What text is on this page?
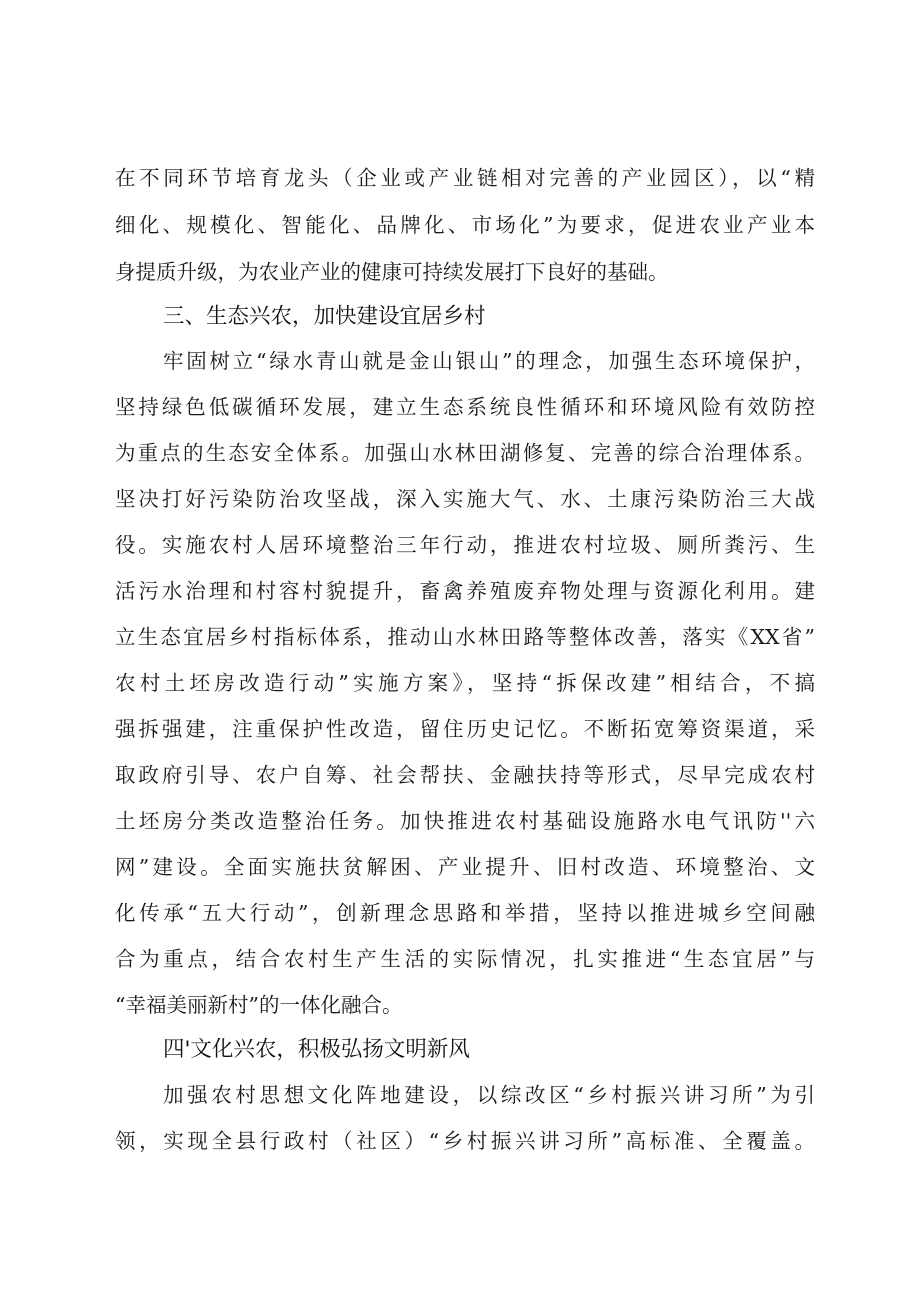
在不同环节培育龙头（企业或产业链相对完善的产业园区），以“精
细化、规模化、智能化、品牌化、市场化”为要求，促进农业产业本
身提质升级，为农业产业的健康可持续发展打下良好的基础。
三、生态兴农，加快建设宜居乡村
牢固树立“绿水青山就是金山银山”的理念，加强生态环境保护，
坚持绿色低碳循环发展，建立生态系统良性循环和环境风险有效防控
为重点的生态安全体系。加强山水林田湖修复、完善的综合治理体系。
坚决打好污染防治攻坚战，深入实施大气、水、土康污染防治三大战
役。实施农村人居环境整治三年行动，推进农村垃圾、厕所粪污、生
活污水治理和村容村貌提升，畜禽养殖废弃物处理与资源化利用。建
立生态宜居乡村指标体系，推动山水林田路等整体改善，落实《XX省”
农村土坯房改造行动”实施方案》，坚持“拆保改建”相结合，不搞
强拆强建，注重保护性改造，留住历史记忆。不断拓宽筹资渠道，采
取政府引导、农户自筹、社会帮扶、金融扶持等形式，尽早完成农村
土坯房分类改造整治任务。加快推进农村基础设施路水电气讯防''六
网”建设。全面实施扶贫解困、产业提升、旧村改造、环境整治、文
化传承“五大行动”，创新理念思路和举措，坚持以推进城乡空间融
合为重点，结合农村生产生活的实际情况，扎实推进“生态宜居”与
“幸福美丽新村”的一体化融合。
四'文化兴农，积极弘扬文明新风
加强农村思想文化阵地建设，以综改区“乡村振兴讲习所”为引
领，实现全县行政村（社区）“乡村振兴讲习所”高标准、全覆盖。
